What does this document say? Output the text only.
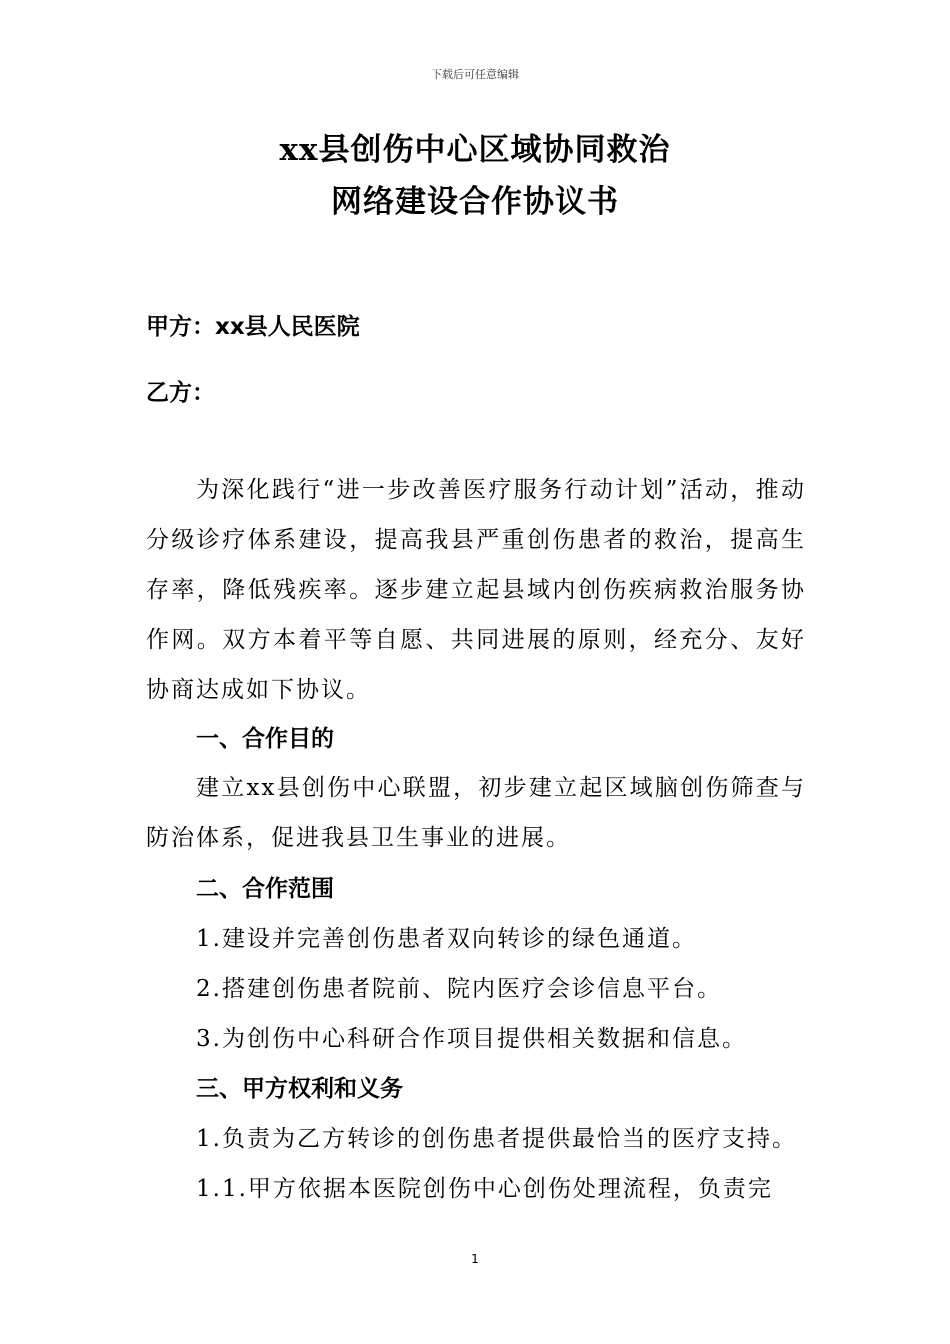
下载后可任意编辑
xx县创伤中心区域协同救治
网络建设合作协议书
甲方：xx县人民医院
乙方：
为深化践行“进一步改善医疗服务行动计划”活动，推动分级诊疗体系建设，提高我县严重创伤患者的救治，提高生存率，降低残疾率。逐步建立起县域内创伤疾病救治服务协作网。双方本着平等自愿、共同进展的原则，经充分、友好协商达成如下协议。
一、合作目的
建立xx县创伤中心联盟，初步建立起区域脑创伤筛查与防治体系，促进我县卫生事业的进展。
二、合作范围
1.建设并完善创伤患者双向转诊的绿色通道。
2.搭建创伤患者院前、院内医疗会诊信息平台。
3.为创伤中心科研合作项目提供相关数据和信息。
三、甲方权利和义务
1.负责为乙方转诊的创伤患者提供最恰当的医疗支持。
1.1.甲方依据本医院创伤中心创伤处理流程，负责完
1
